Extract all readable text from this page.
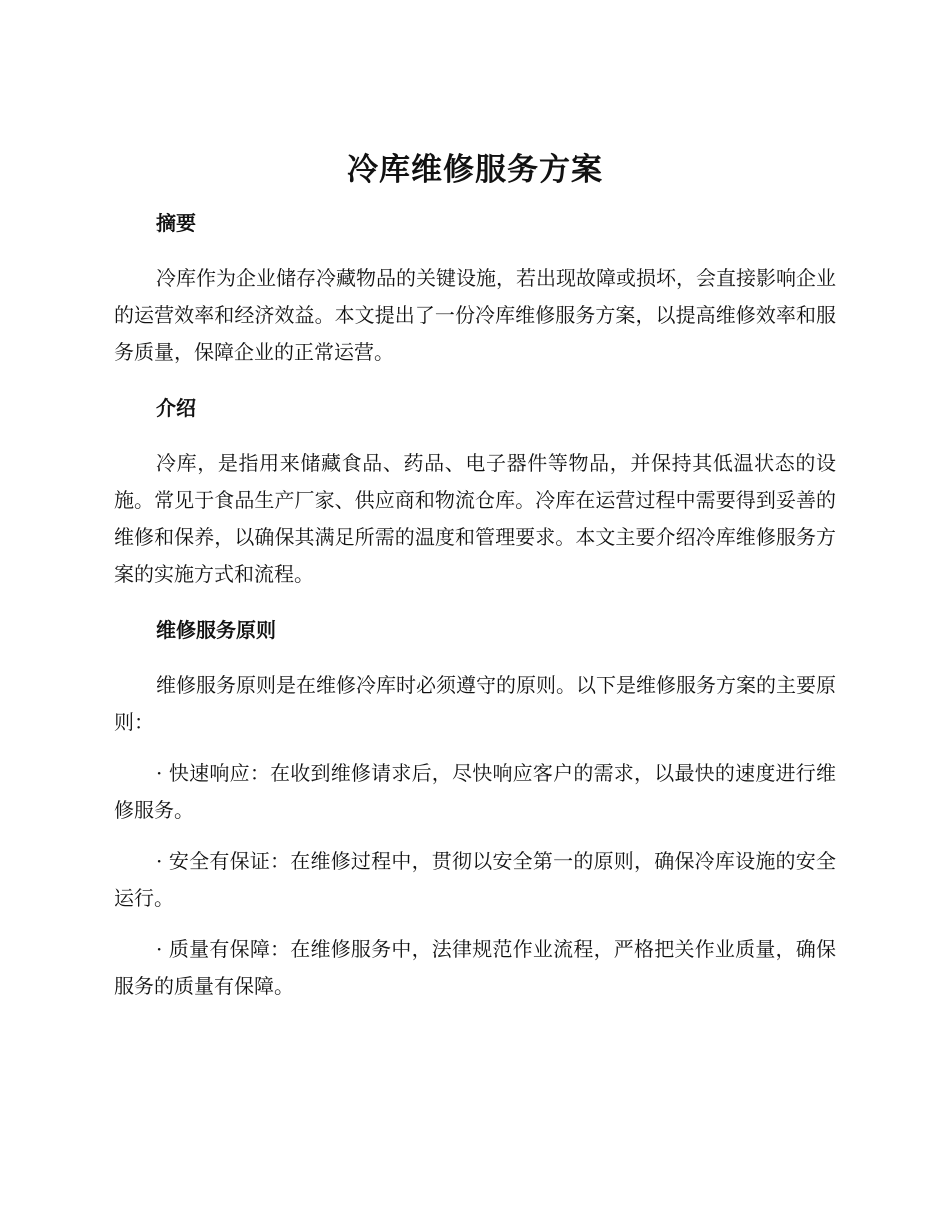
冷库维修服务方案
摘要

冷库作为企业储存冷藏物品的关键设施，若出现故障或损坏，会直接影响企业的运营效率和经济效益。本文提出了一份冷库维修服务方案，以提高维修效率和服务质量，保障企业的正常运营。

介绍

冷库，是指用来储藏食品、药品、电子器件等物品，并保持其低温状态的设施。常见于食品生产厂家、供应商和物流仓库。冷库在运营过程中需要得到妥善的维修和保养，以确保其满足所需的温度和管理要求。本文主要介绍冷库维修服务方案的实施方式和流程。

维修服务原则

维修服务原则是在维修冷库时必须遵守的原则。以下是维修服务方案的主要原则：

· 快速响应：在收到维修请求后，尽快响应客户的需求，以最快的速度进行维修服务。

· 安全有保证：在维修过程中，贯彻以安全第一的原则，确保冷库设施的安全运行。

· 质量有保障：在维修服务中，法律规范作业流程，严格把关作业质量，确保服务的质量有保障。
